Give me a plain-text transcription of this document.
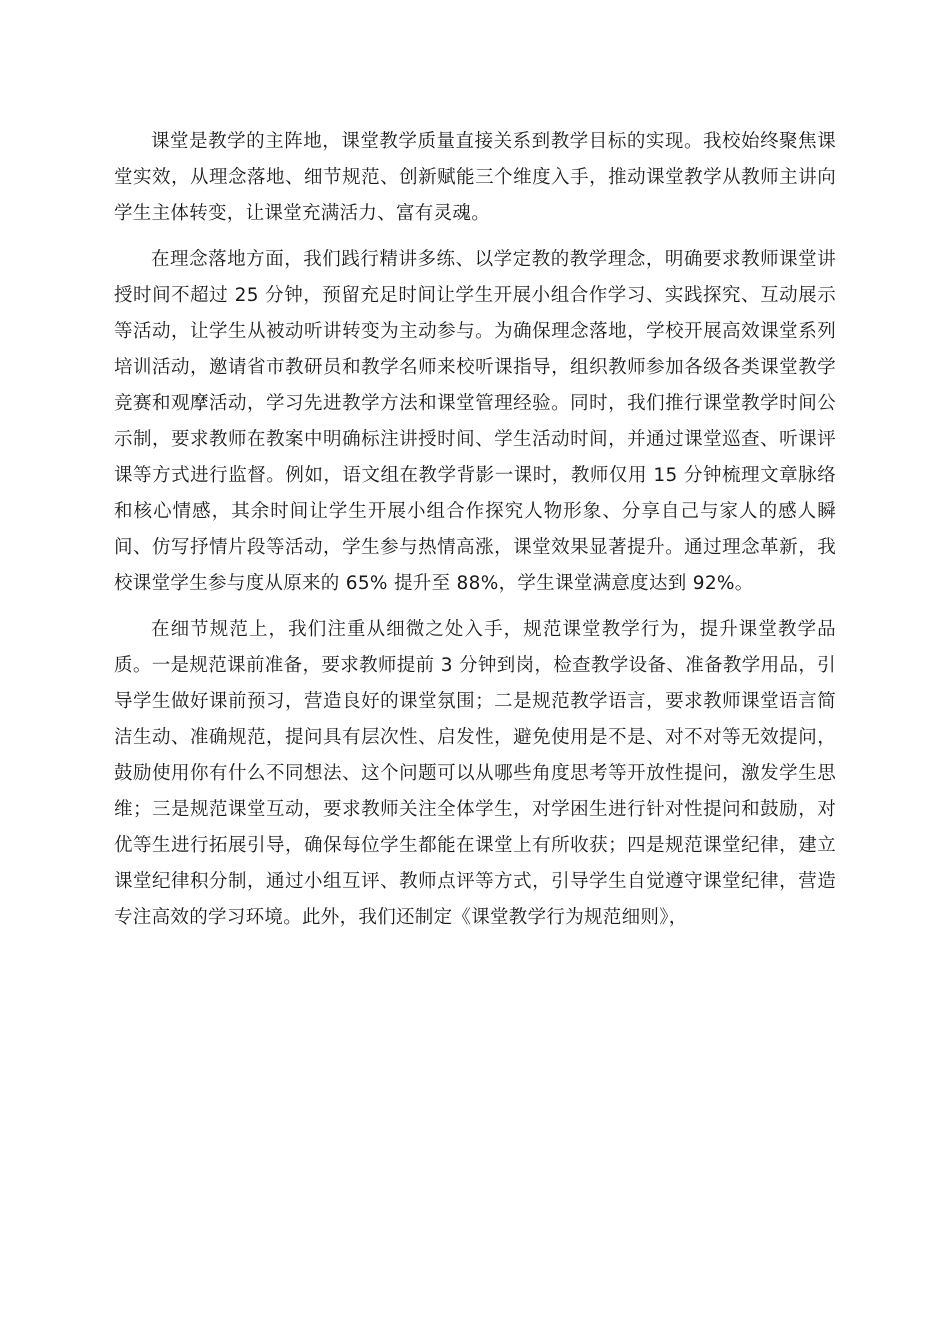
课堂是教学的主阵地，课堂教学质量直接关系到教学目标的实现。我校始终聚焦课堂实效，从理念落地、细节规范、创新赋能三个维度入手，推动课堂教学从教师主讲向学生主体转变，让课堂充满活力、富有灵魂。

在理念落地方面，我们践行精讲多练、以学定教的教学理念，明确要求教师课堂讲授时间不超过 25 分钟，预留充足时间让学生开展小组合作学习、实践探究、互动展示等活动，让学生从被动听讲转变为主动参与。为确保理念落地，学校开展高效课堂系列培训活动，邀请省市教研员和教学名师来校听课指导，组织教师参加各级各类课堂教学竞赛和观摩活动，学习先进教学方法和课堂管理经验。同时，我们推行课堂教学时间公示制，要求教师在教案中明确标注讲授时间、学生活动时间，并通过课堂巡查、听课评课等方式进行监督。例如，语文组在教学背影一课时，教师仅用 15 分钟梳理文章脉络和核心情感，其余时间让学生开展小组合作探究人物形象、分享自己与家人的感人瞬间、仿写抒情片段等活动，学生参与热情高涨，课堂效果显著提升。通过理念革新，我校课堂学生参与度从原来的 65% 提升至 88%，学生课堂满意度达到 92%。

在细节规范上，我们注重从细微之处入手，规范课堂教学行为，提升课堂教学品质。一是规范课前准备，要求教师提前 3 分钟到岗，检查教学设备、准备教学用品，引导学生做好课前预习，营造良好的课堂氛围；二是规范教学语言，要求教师课堂语言简洁生动、准确规范，提问具有层次性、启发性，避免使用是不是、对不对等无效提问，鼓励使用你有什么不同想法、这个问题可以从哪些角度思考等开放性提问，激发学生思维；三是规范课堂互动，要求教师关注全体学生，对学困生进行针对性提问和鼓励，对优等生进行拓展引导，确保每位学生都能在课堂上有所收获；四是规范课堂纪律，建立课堂纪律积分制，通过小组互评、教师点评等方式，引导学生自觉遵守课堂纪律，营造专注高效的学习环境。此外，我们还制定《课堂教学行为规范细则》，
